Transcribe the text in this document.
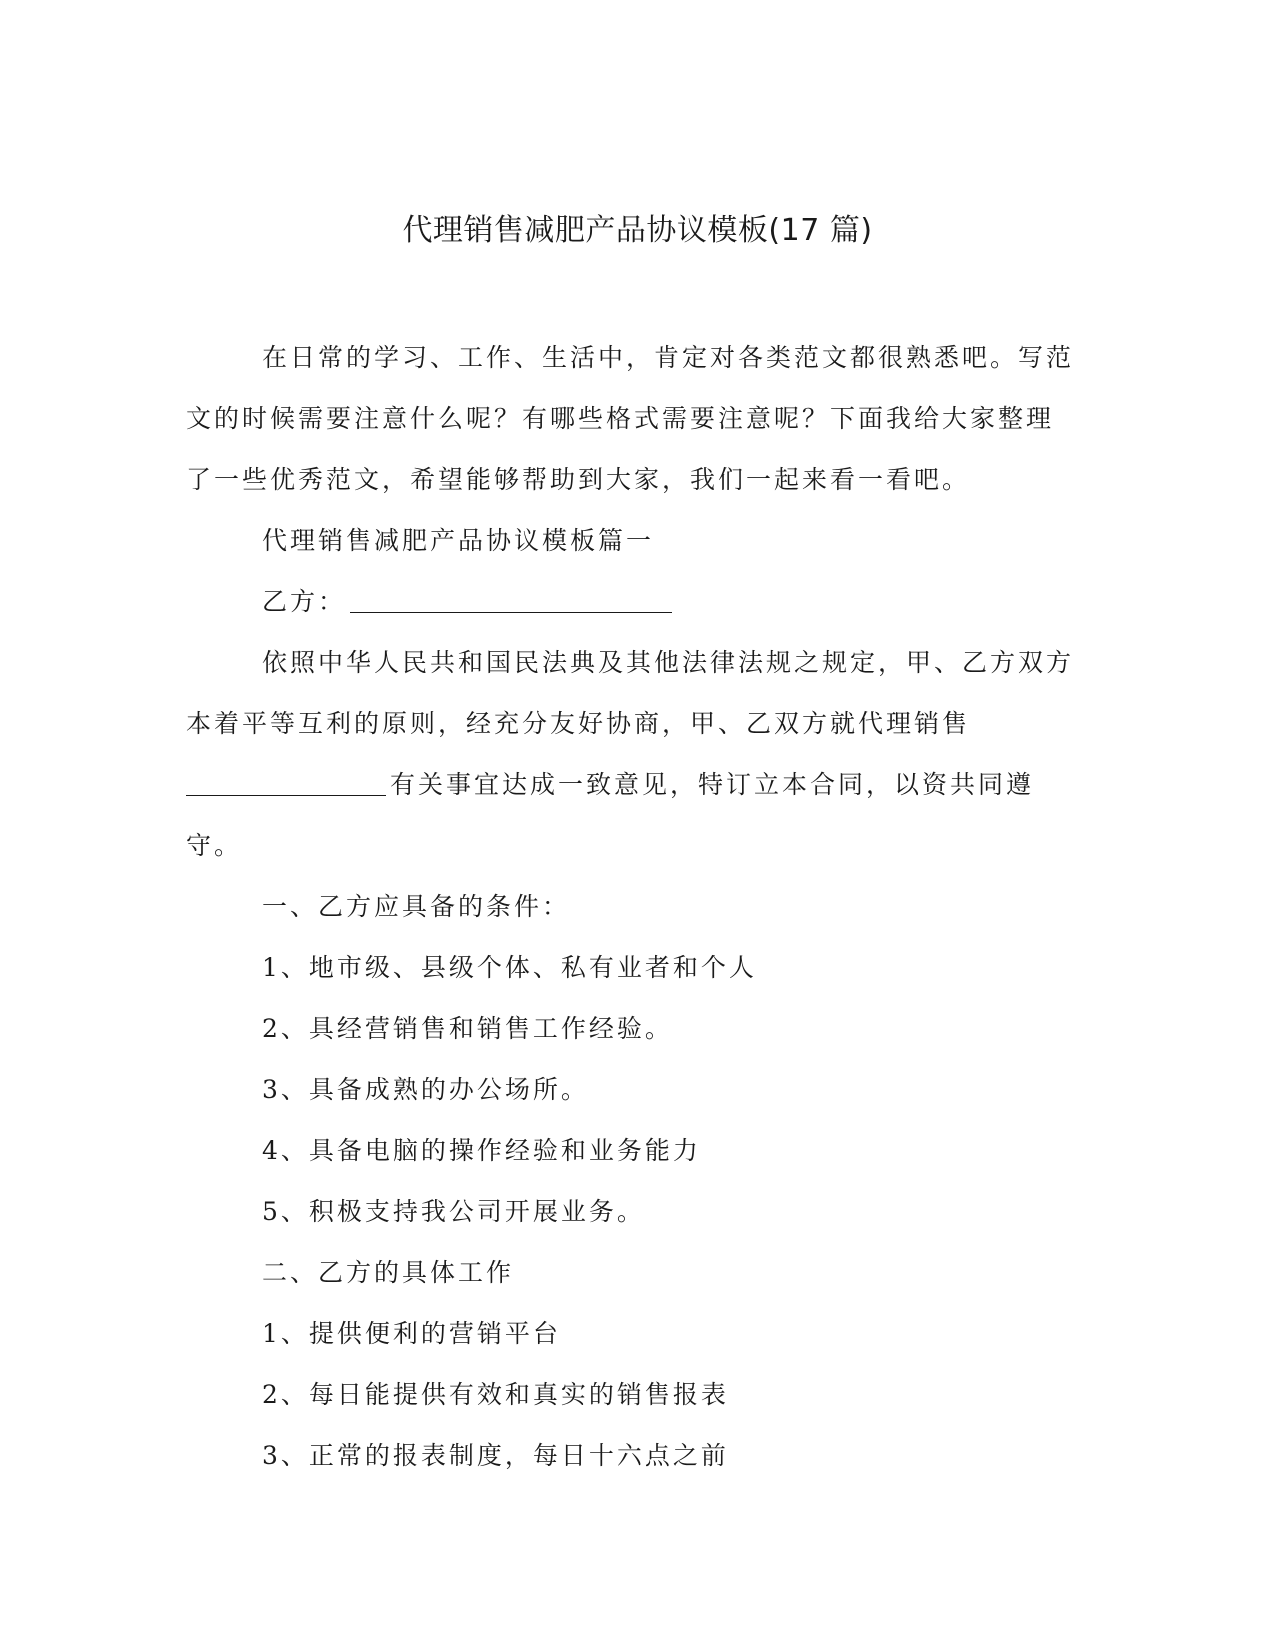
代理销售减肥产品协议模板(17 篇)

在日常的学习、工作、生活中，肯定对各类范文都很熟悉吧。写范文的时候需要注意什么呢？有哪些格式需要注意呢？下面我给大家整理了一些优秀范文，希望能够帮助到大家，我们一起来看一看吧。

代理销售减肥产品协议模板篇一

乙方：

依照中华人民共和国民法典及其他法律法规之规定，甲、乙方双方本着平等互利的原则，经充分友好协商，甲、乙双方就代理销售有关事宜达成一致意见，特订立本合同，以资共同遵守。

一、乙方应具备的条件：

1、地市级、县级个体、私有业者和个人

2、具经营销售和销售工作经验。

3、具备成熟的办公场所。

4、具备电脑的操作经验和业务能力

5、积极支持我公司开展业务。

二、乙方的具体工作

1、提供便利的营销平台

2、每日能提供有效和真实的销售报表

3、正常的报表制度，每日十六点之前
